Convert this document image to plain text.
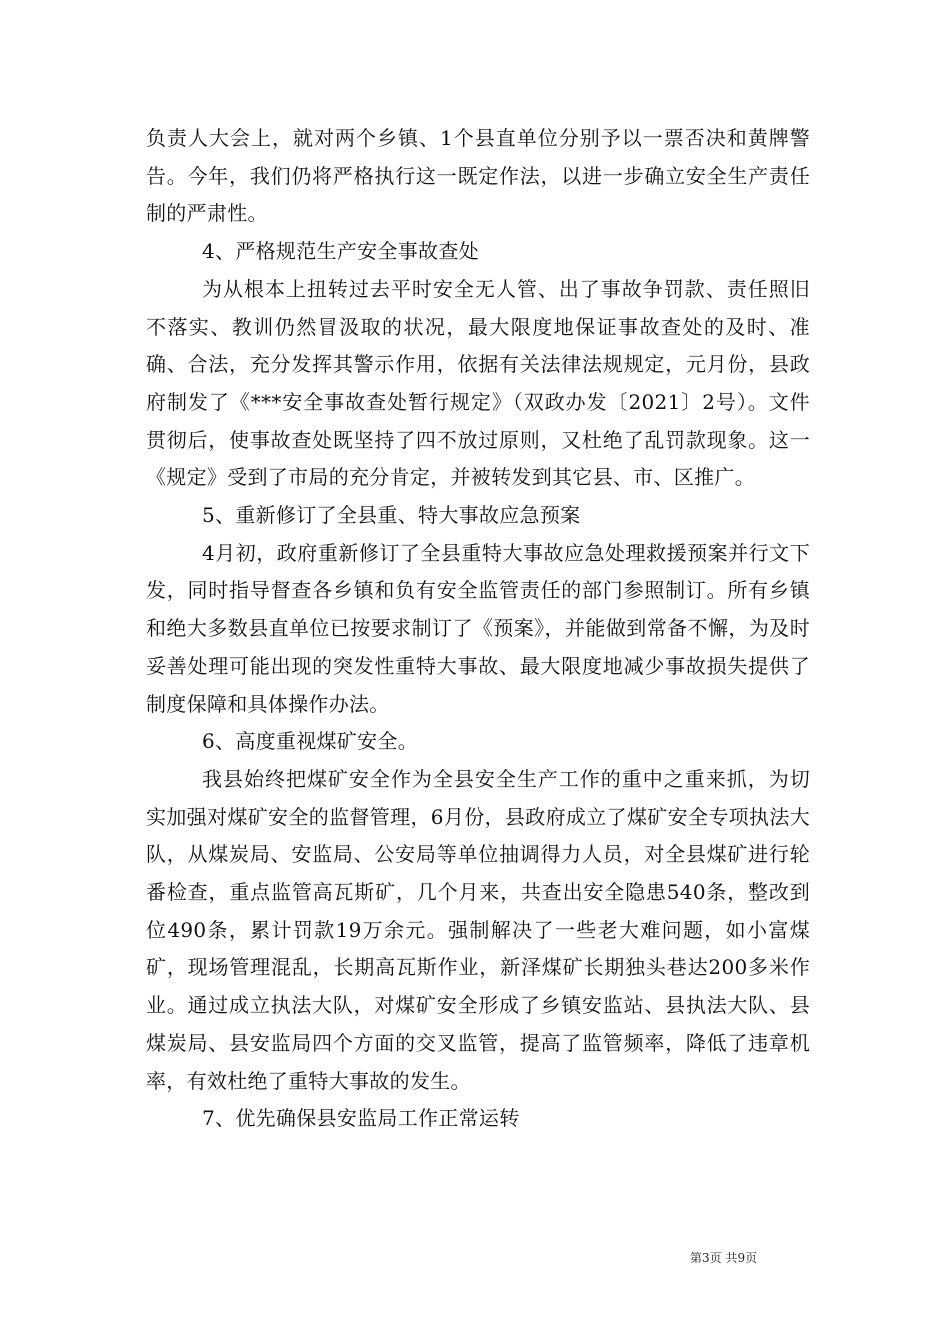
负责人大会上，就对两个乡镇、1个县直单位分别予以一票否决和黄牌警告。今年，我们仍将严格执行这一既定作法，以进一步确立安全生产责任制的严肃性。

4、严格规范生产安全事故查处

为从根本上扭转过去平时安全无人管、出了事故争罚款、责任照旧不落实、教训仍然冒汲取的状况，最大限度地保证事故查处的及时、准确、合法，充分发挥其警示作用，依据有关法律法规规定，元月份，县政府制发了《***安全事故查处暂行规定》（双政办发〔2021〕2号）。文件贯彻后，使事故查处既坚持了四不放过原则，又杜绝了乱罚款现象。这一《规定》受到了市局的充分肯定，并被转发到其它县、市、区推广。

5、重新修订了全县重、特大事故应急预案

4月初，政府重新修订了全县重特大事故应急处理救援预案并行文下发，同时指导督查各乡镇和负有安全监管责任的部门参照制订。所有乡镇和绝大多数县直单位已按要求制订了《预案》，并能做到常备不懈，为及时妥善处理可能出现的突发性重特大事故、最大限度地减少事故损失提供了制度保障和具体操作办法。

6、高度重视煤矿安全。

我县始终把煤矿安全作为全县安全生产工作的重中之重来抓，为切实加强对煤矿安全的监督管理，6月份，县政府成立了煤矿安全专项执法大队，从煤炭局、安监局、公安局等单位抽调得力人员，对全县煤矿进行轮番检查，重点监管高瓦斯矿，几个月来，共查出安全隐患540条，整改到位490条，累计罚款19万余元。强制解决了一些老大难问题，如小富煤矿，现场管理混乱，长期高瓦斯作业，新泽煤矿长期独头巷达200多米作业。通过成立执法大队，对煤矿安全形成了乡镇安监站、县执法大队、县煤炭局、县安监局四个方面的交叉监管，提高了监管频率，降低了违章机率，有效杜绝了重特大事故的发生。

7、优先确保县安监局工作正常运转

第3页 共9页
